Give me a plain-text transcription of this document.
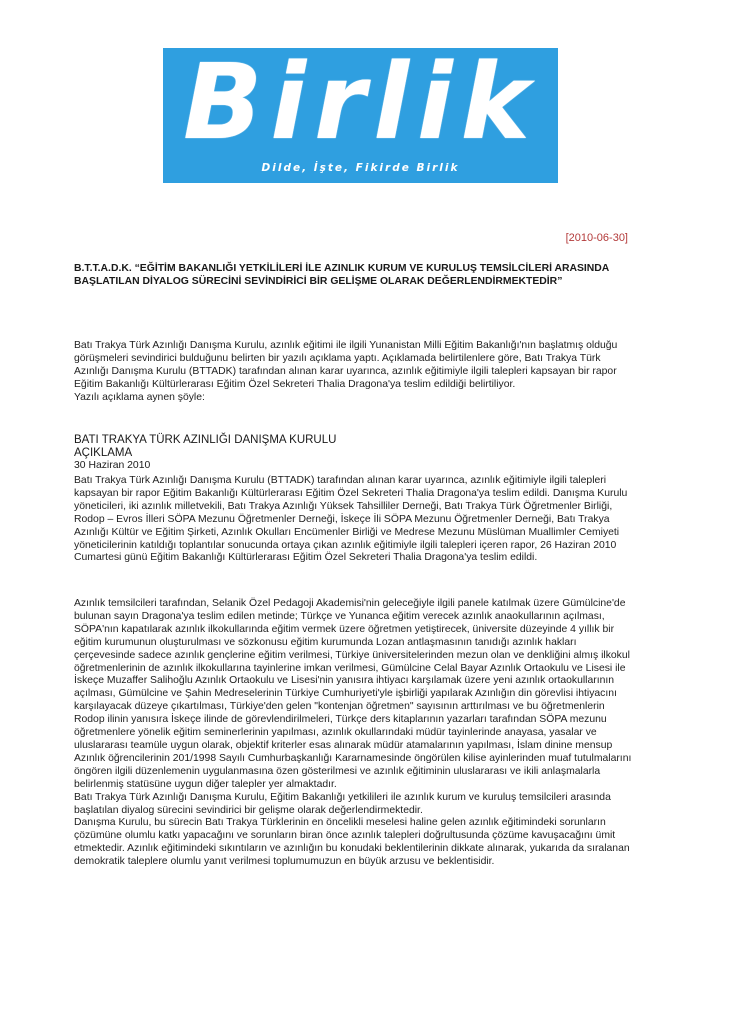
Birlik
Dilde, İşte, Fikirde Birlik
[2010-06-30]

B.T.T.A.D.K. “EĞİTİM BAKANLIĞI YETKİLİLERİ İLE AZINLIK KURUM VE KURULUŞ TEMSİLCİLERİ ARASINDA BAŞLATILAN DİYALOG SÜRECİNİ SEVİNDİRİCİ BİR GELİŞME OLARAK DEĞERLENDİRMEKTEDİR”

Batı Trakya Türk Azınlığı Danışma Kurulu, azınlık eğitimi ile ilgili Yunanistan Milli Eğitim Bakanlığı'nın başlatmış olduğu görüşmeleri sevindirici bulduğunu belirten bir yazılı açıklama yaptı. Açıklamada belirtilenlere göre, Batı Trakya Türk Azınlığı Danışma Kurulu (BTTADK) tarafından alınan karar uyarınca, azınlık eğitimiyle ilgili talepleri kapsayan bir rapor Eğitim Bakanlığı Kültürlerarası Eğitim Özel Sekreteri Thalia Dragona'ya teslim edildiği belirtiliyor.

Yazılı açıklama aynen şöyle:

BATI TRAKYA TÜRK AZINLIĞI DANIŞMA KURULU
AÇIKLAMA
30 Haziran 2010

Batı Trakya Türk Azınlığı Danışma Kurulu (BTTADK) tarafından alınan karar uyarınca, azınlık eğitimiyle ilgili talepleri kapsayan bir rapor Eğitim Bakanlığı Kültürlerarası Eğitim Özel Sekreteri Thalia Dragona'ya teslim edildi. Danışma Kurulu yöneticileri, iki azınlık milletvekili, Batı Trakya Azınlığı Yüksek Tahsilliler Derneği, Batı Trakya Türk Öğretmenler Birliği, Rodop – Evros İlleri SÖPA Mezunu Öğretmenler Derneği, İskeçe İli SÖPA Mezunu Öğretmenler Derneği, Batı Trakya Azınlığı Kültür ve Eğitim Şirketi, Azınlık Okulları Encümenler Birliği ve Medrese Mezunu Müslüman Muallimler Cemiyeti yöneticilerinin katıldığı toplantılar sonucunda ortaya çıkan azınlık eğitimiyle ilgili talepleri içeren rapor, 26 Haziran 2010 Cumartesi günü Eğitim Bakanlığı Kültürlerarası Eğitim Özel Sekreteri Thalia Dragona'ya teslim edildi.

Azınlık temsilcileri tarafından, Selanik Özel Pedagoji Akademisi'nin geleceğiyle ilgili panele katılmak üzere Gümülcine'de bulunan sayın Dragona'ya teslim edilen metinde; Türkçe ve Yunanca eğitim verecek azınlık anaokullarının açılması, SÖPA'nın kapatılarak azınlık ilkokullarında eğitim vermek üzere öğretmen yetiştirecek, üniversite düzeyinde 4 yıllık bir eğitim kurumunun oluşturulması ve sözkonusu eğitim kurumunda Lozan antlaşmasının tanıdığı azınlık hakları çerçevesinde sadece azınlık gençlerine eğitim verilmesi, Türkiye üniversitelerinden mezun olan ve denkliğini almış ilkokul öğretmenlerinin de azınlık ilkokullarına tayinlerine imkan verilmesi, Gümülcine Celal Bayar Azınlık Ortaokulu ve Lisesi ile İskeçe Muzaffer Salihoğlu Azınlık Ortaokulu ve Lisesi'nin yanısıra ihtiyacı karşılamak üzere yeni azınlık ortaokullarının açılması, Gümülcine ve Şahin Medreselerinin Türkiye Cumhuriyeti'yle işbirliği yapılarak Azınlığın din görevlisi ihtiyacını karşılayacak düzeye çıkartılması, Türkiye'den gelen "kontenjan öğretmen" sayısının arttırılması ve bu öğretmenlerin Rodop ilinin yanısıra İskeçe ilinde de görevlendirilmeleri, Türkçe ders kitaplarının yazarları tarafından SÖPA mezunu öğretmenlere yönelik eğitim seminerlerinin yapılması, azınlık okullarındaki müdür tayinlerinde anayasa, yasalar ve uluslararası teamüle uygun olarak, objektif kriterler esas alınarak müdür atamalarının yapılması, İslam dinine mensup Azınlık öğrencilerinin 201/1998 Sayılı Cumhurbaşkanlığı Kararnamesinde öngörülen kilise ayinlerinden muaf tutulmalarını öngören ilgili düzenlemenin uygulanmasına özen gösterilmesi ve azınlık eğitiminin uluslararası ve ikili anlaşmalarla belirlenmiş statüsüne uygun diğer talepler yer almaktadır.

Batı Trakya Türk Azınlığı Danışma Kurulu, Eğitim Bakanlığı yetkilileri ile azınlık kurum ve kuruluş temsilcileri arasında başlatılan diyalog sürecini sevindirici bir gelişme olarak değerlendirmektedir.

Danışma Kurulu, bu sürecin Batı Trakya Türklerinin en öncelikli meselesi haline gelen azınlık eğitimindeki sorunların çözümüne olumlu katkı yapacağını ve sorunların biran önce azınlık talepleri doğrultusunda çözüme kavuşacağını ümit etmektedir. Azınlık eğitimindeki sıkıntıların ve azınlığın bu konudaki beklentilerinin dikkate alınarak, yukarıda da sıralanan demokratik taleplere olumlu yanıt verilmesi toplumumuzun en büyük arzusu ve beklentisidir.
